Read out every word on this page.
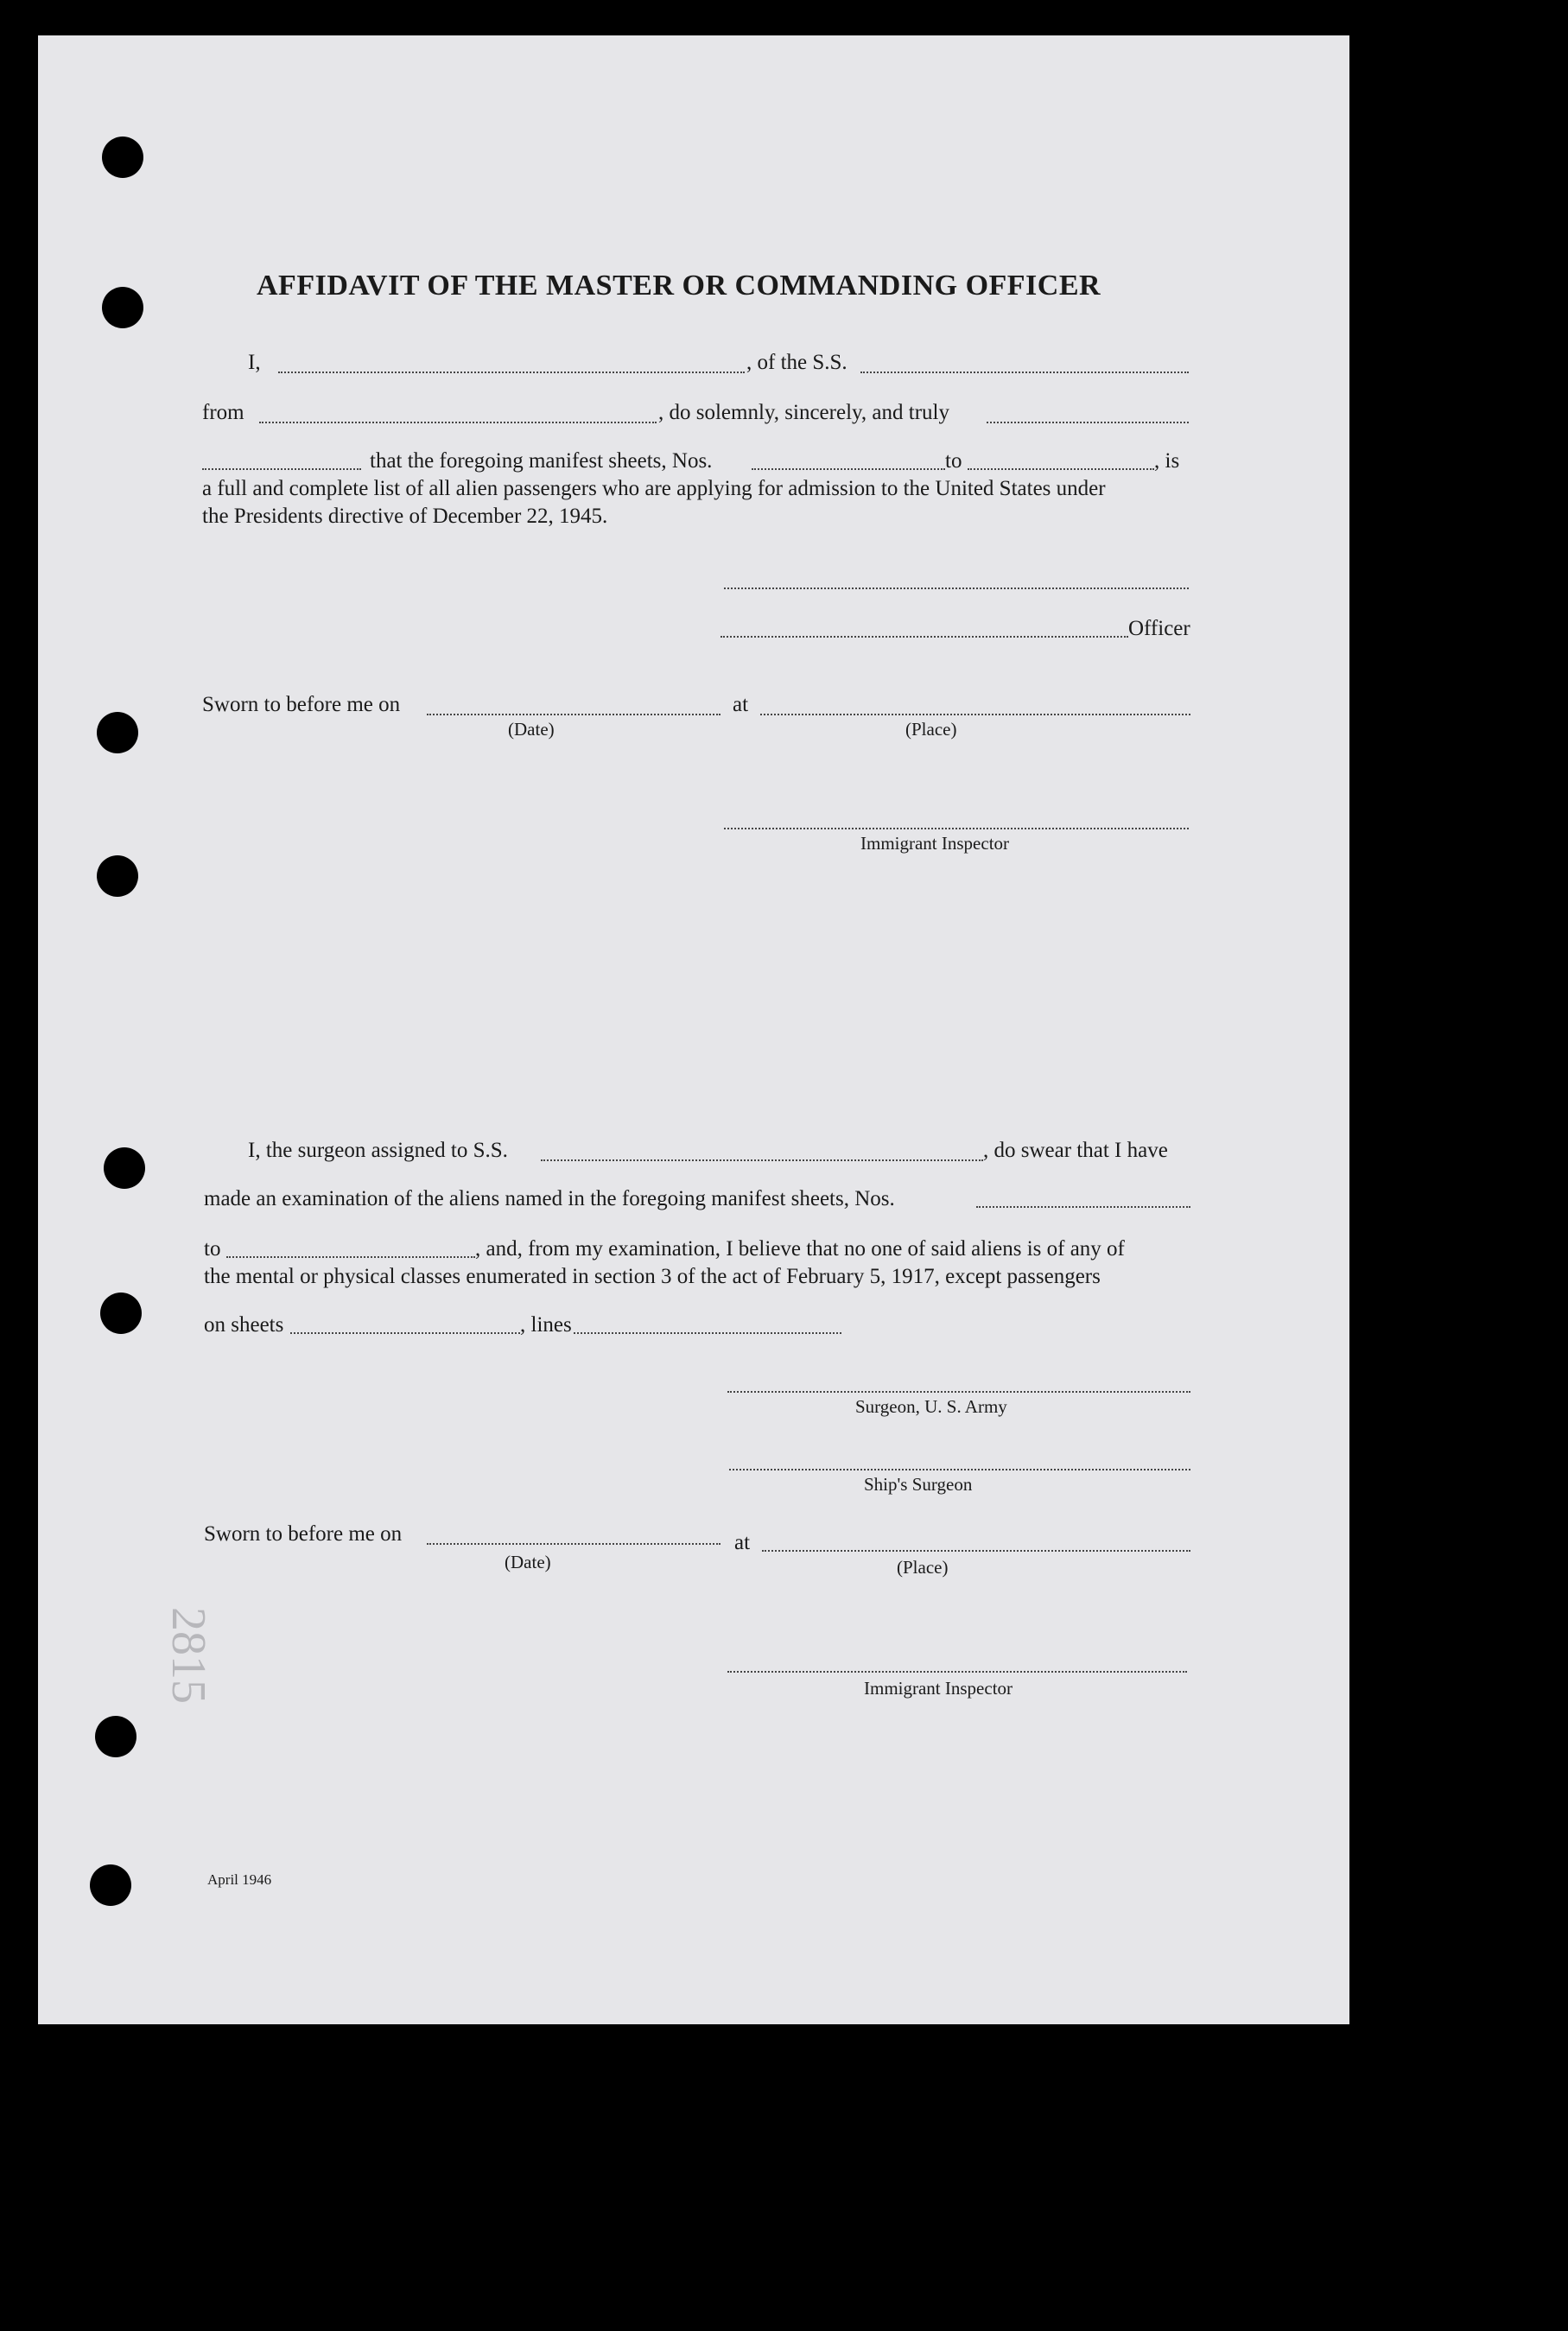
2815
AFFIDAVIT OF THE MASTER OR COMMANDING OFFICER
I,	, of the S.S.
from	, do solemnly, sincerely, and truly
that the foregoing manifest sheets, Nos.	to	, is
a full and complete list of all alien passengers who are applying for admission to the United States under
the Presidents directive of December 22, 1945.
Officer
Sworn to before me on	at
(Date)	(Place)
Immigrant Inspector
I, the surgeon assigned to S.S.	, do swear that I have
made an examination of the aliens named in the foregoing manifest sheets, Nos.
to	, and, from my examination, I believe that no one of said aliens is of any of
the mental or physical classes enumerated in section 3 of the act of February 5, 1917, except passengers
on sheets	, lines
Surgeon, U. S. Army
Ship's Surgeon
Sworn to before me on	at
(Date)	(Place)
Immigrant Inspector
April 1946
